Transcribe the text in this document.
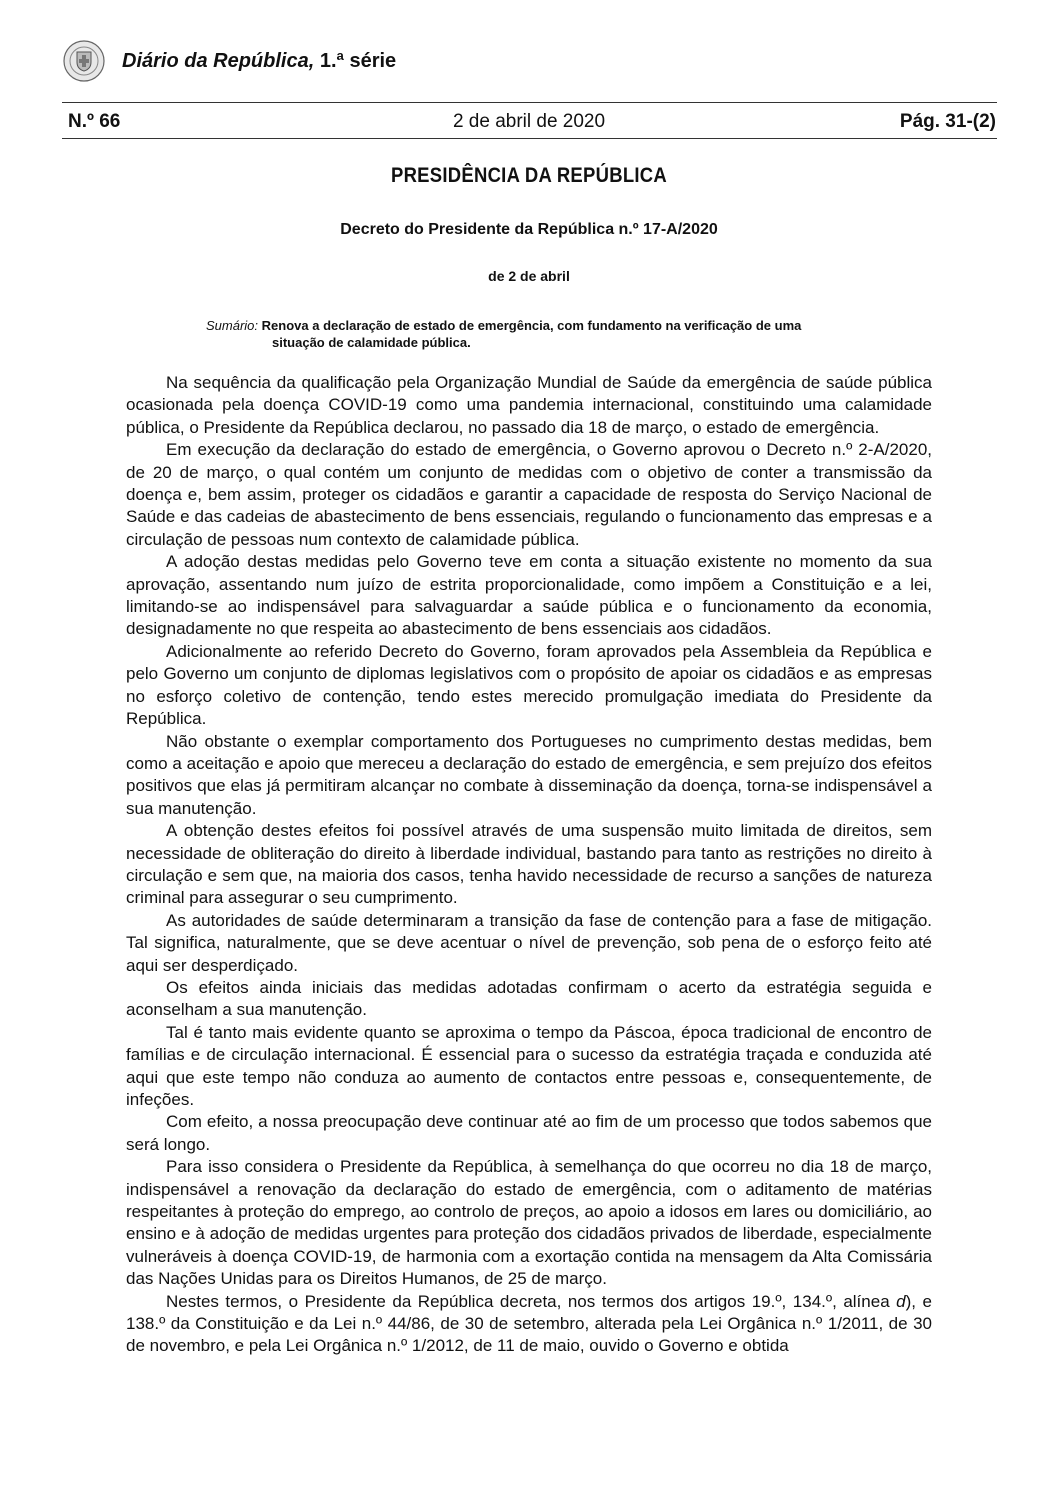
Diário da República, 1.ª série
2 de abril de 2020
N.º 66	Pág. 31-(2)
PRESIDÊNCIA DA REPÚBLICA
Decreto do Presidente da República n.º 17-A/2020
de 2 de abril
Sumário: Renova a declaração de estado de emergência, com fundamento na verificação de uma
situação de calamidade pública.

Na sequência da qualificação pela Organização Mundial de Saúde da emergência de saúde pública ocasionada pela doença COVID-19 como uma pandemia internacional, constituindo uma calamidade pública, o Presidente da República declarou, no passado dia 18 de março, o estado de emergência.

Em execução da declaração do estado de emergência, o Governo aprovou o Decreto n.º 2-A/2020, de 20 de março, o qual contém um conjunto de medidas com o objetivo de conter a transmissão da doença e, bem assim, proteger os cidadãos e garantir a capacidade de resposta do Serviço Nacional de Saúde e das cadeias de abastecimento de bens essenciais, regulando o funcionamento das empresas e a circulação de pessoas num contexto de calamidade pública.

A adoção destas medidas pelo Governo teve em conta a situação existente no momento da sua aprovação, assentando num juízo de estrita proporcionalidade, como impõem a Constituição e a lei, limitando-se ao indispensável para salvaguardar a saúde pública e o funcionamento da economia, designadamente no que respeita ao abastecimento de bens essenciais aos cidadãos.

Adicionalmente ao referido Decreto do Governo, foram aprovados pela Assembleia da República e pelo Governo um conjunto de diplomas legislativos com o propósito de apoiar os cidadãos e as empresas no esforço coletivo de contenção, tendo estes merecido promulgação imediata do Presidente da República.

Não obstante o exemplar comportamento dos Portugueses no cumprimento destas medidas, bem como a aceitação e apoio que mereceu a declaração do estado de emergência, e sem prejuízo dos efeitos positivos que elas já permitiram alcançar no combate à disseminação da doença, torna-se indispensável a sua manutenção.

A obtenção destes efeitos foi possível através de uma suspensão muito limitada de direitos, sem necessidade de obliteração do direito à liberdade individual, bastando para tanto as restrições no direito à circulação e sem que, na maioria dos casos, tenha havido necessidade de recurso a sanções de natureza criminal para assegurar o seu cumprimento.

As autoridades de saúde determinaram a transição da fase de contenção para a fase de mitigação. Tal significa, naturalmente, que se deve acentuar o nível de prevenção, sob pena de o esforço feito até aqui ser desperdiçado.

Os efeitos ainda iniciais das medidas adotadas confirmam o acerto da estratégia seguida e aconselham a sua manutenção.

Tal é tanto mais evidente quanto se aproxima o tempo da Páscoa, época tradicional de encontro de famílias e de circulação internacional. É essencial para o sucesso da estratégia traçada e conduzida até aqui que este tempo não conduza ao aumento de contactos entre pessoas e, consequentemente, de infeções.

Com efeito, a nossa preocupação deve continuar até ao fim de um processo que todos sabemos que será longo.

Para isso considera o Presidente da República, à semelhança do que ocorreu no dia 18 de março, indispensável a renovação da declaração do estado de emergência, com o aditamento de matérias respeitantes à proteção do emprego, ao controlo de preços, ao apoio a idosos em lares ou domiciliário, ao ensino e à adoção de medidas urgentes para proteção dos cidadãos privados de liberdade, especialmente vulneráveis à doença COVID-19, de harmonia com a exortação contida na mensagem da Alta Comissária das Nações Unidas para os Direitos Humanos, de 25 de março.

Nestes termos, o Presidente da República decreta, nos termos dos artigos 19.º, 134.º, alínea d), e 138.º da Constituição e da Lei n.º 44/86, de 30 de setembro, alterada pela Lei Orgânica n.º 1/2011, de 30 de novembro, e pela Lei Orgânica n.º 1/2012, de 11 de maio, ouvido o Governo e obtida
